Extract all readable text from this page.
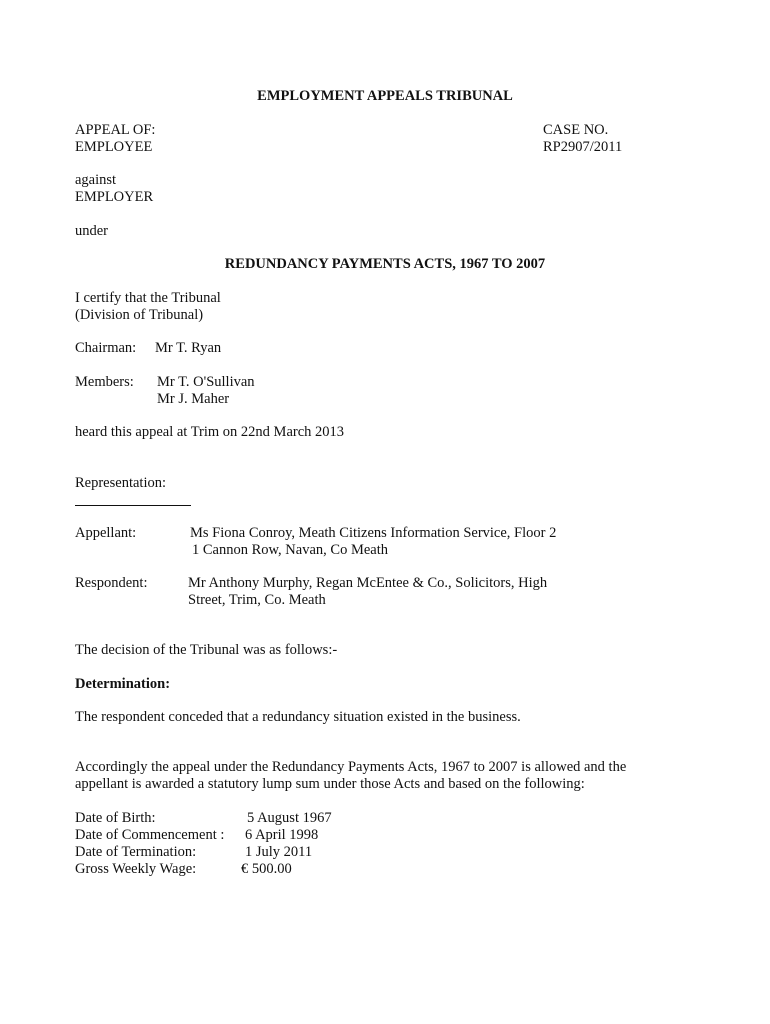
EMPLOYMENT APPEALS TRIBUNAL
APPEAL OF:
EMPLOYEE
CASE NO.
RP2907/2011
against
EMPLOYER
under
REDUNDANCY PAYMENTS ACTS, 1967 TO 2007
I certify that the Tribunal
(Division of Tribunal)
Chairman: Mr T. Ryan
Members: Mr T. O'Sullivan
Mr J. Maher
heard this appeal at Trim on 22nd March 2013
Representation:
Appellant:	Ms Fiona Conroy, Meath Citizens Information Service, Floor 2
1 Cannon Row, Navan, Co Meath
Respondent:	Mr Anthony Murphy, Regan McEntee & Co., Solicitors, High
Street, Trim, Co. Meath
The decision of the Tribunal was as follows:-
Determination:
The respondent conceded that a redundancy situation existed in the business.
Accordingly the appeal under the Redundancy Payments Acts, 1967 to 2007 is allowed and the
appellant is awarded a statutory lump sum under those Acts and based on the following:
Date of Birth:	5 August 1967
Date of Commencement : 6 April 1998
Date of Termination:	1 July 2011
Gross Weekly Wage:	€ 500.00
